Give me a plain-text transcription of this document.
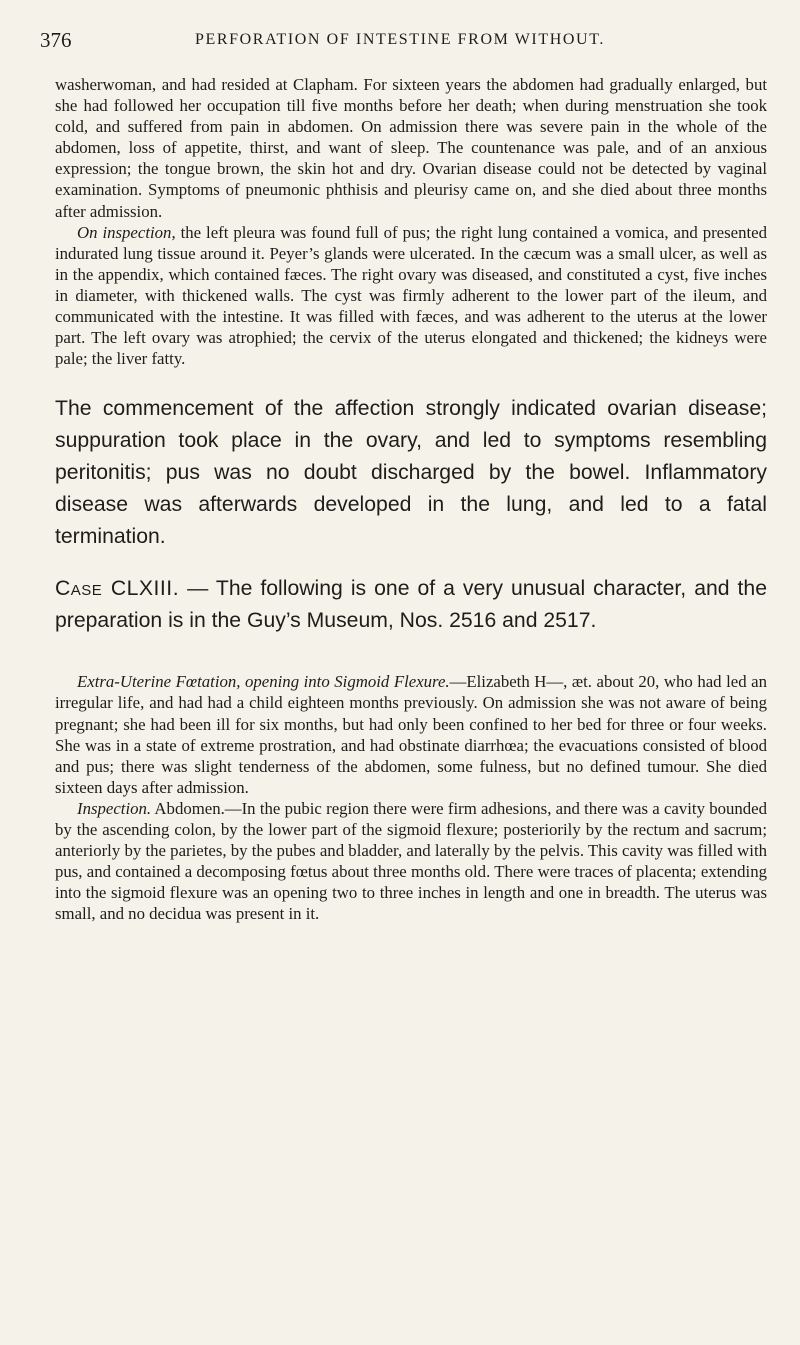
376	PERFORATION OF INTESTINE FROM WITHOUT.

washerwoman, and had resided at Clapham. For sixteen years the abdomen had gradually enlarged, but she had followed her occupation till five months before her death; when during menstruation she took cold, and suffered from pain in abdomen. On admission there was severe pain in the whole of the abdomen, loss of appetite, thirst, and want of sleep. The countenance was pale, and of an anxious expression; the tongue brown, the skin hot and dry. Ovarian disease could not be detected by vaginal examination. Symptoms of pneumonic phthisis and pleurisy came on, and she died about three months after admission.

On inspection, the left pleura was found full of pus; the right lung contained a vomica, and presented indurated lung tissue around it. Peyer’s glands were ulcerated. In the cæcum was a small ulcer, as well as in the appendix, which contained fæces. The right ovary was diseased, and constituted a cyst, five inches in diameter, with thickened walls. The cyst was firmly adherent to the lower part of the ileum, and communicated with the intestine. It was filled with fæces, and was adherent to the uterus at the lower part. The left ovary was atrophied; the cervix of the uterus elongated and thickened; the kidneys were pale; the liver fatty.

The commencement of the affection strongly indicated ovarian disease; suppuration took place in the ovary, and led to symptoms resembling peritonitis; pus was no doubt discharged by the bowel. Inflammatory disease was afterwards developed in the lung, and led to a fatal termination.

Case CLXIII. — The following is one of a very unusual character, and the preparation is in the Guy’s Museum, Nos. 2516 and 2517.

Extra-Uterine Fœtation, opening into Sigmoid Flexure.—Elizabeth H—, æt. about 20, who had led an irregular life, and had had a child eighteen months previously. On admission she was not aware of being pregnant; she had been ill for six months, but had only been confined to her bed for three or four weeks. She was in a state of extreme prostration, and had obstinate diarrhœa; the evacuations consisted of blood and pus; there was slight tenderness of the abdomen, some fulness, but no defined tumour. She died sixteen days after admission.

Inspection. Abdomen.—In the pubic region there were firm adhesions, and there was a cavity bounded by the ascending colon, by the lower part of the sigmoid flexure; posteriorily by the rectum and sacrum; anteriorly by the parietes, by the pubes and bladder, and laterally by the pelvis. This cavity was filled with pus, and contained a decomposing fœtus about three months old. There were traces of placenta; extending into the sigmoid flexure was an opening two to three inches in length and one in breadth. The uterus was small, and no decidua was present in it.
